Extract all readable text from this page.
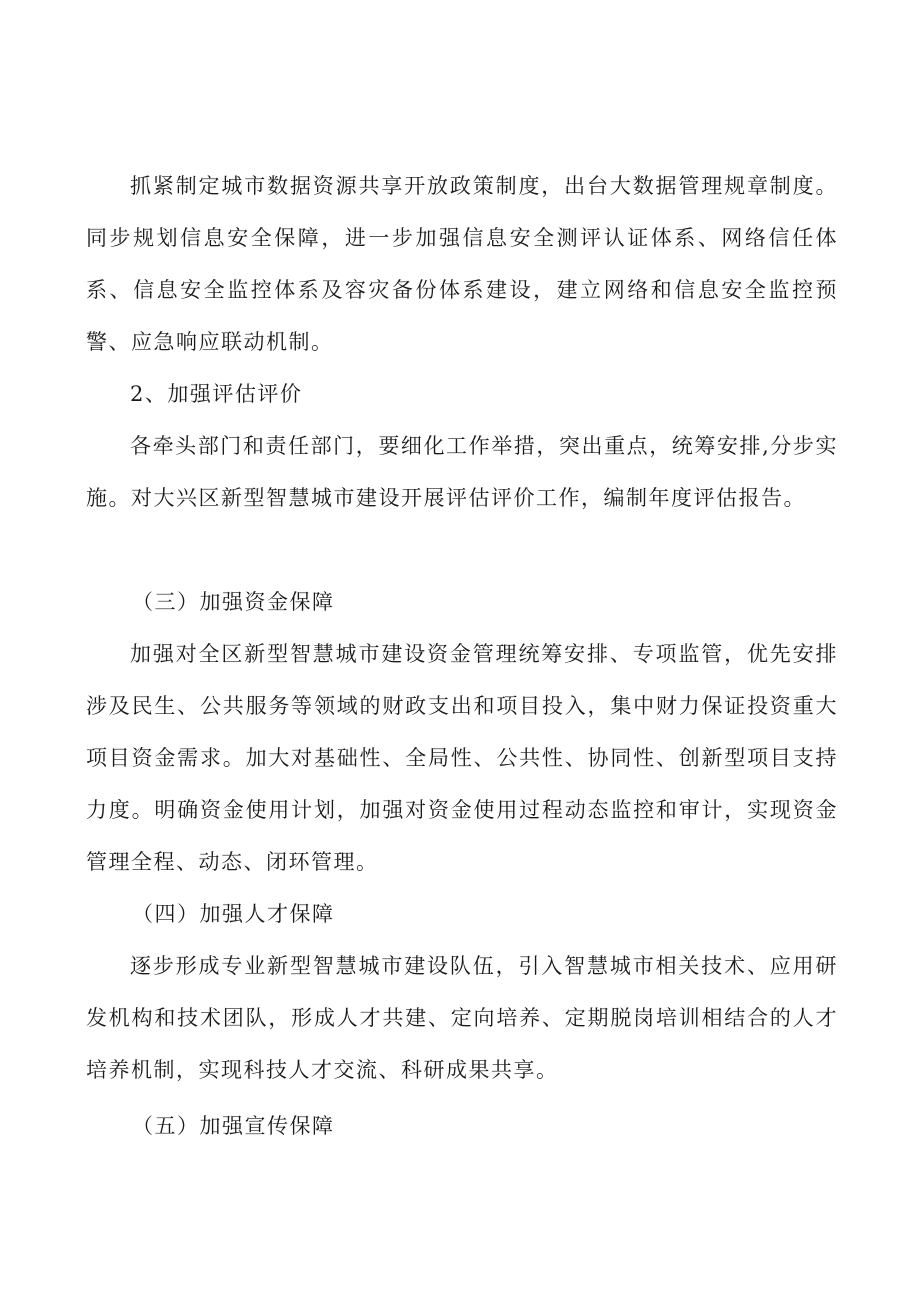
抓紧制定城市数据资源共享开放政策制度，出台大数据管理规章制度。同步规划信息安全保障，进一步加强信息安全测评认证体系、网络信任体系、信息安全监控体系及容灾备份体系建设，建立网络和信息安全监控预警、应急响应联动机制。

2、加强评估评价

各牵头部门和责任部门，要细化工作举措，突出重点，统筹安排,分步实施。对大兴区新型智慧城市建设开展评估评价工作，编制年度评估报告。

（三）加强资金保障

加强对全区新型智慧城市建设资金管理统筹安排、专项监管，优先安排涉及民生、公共服务等领域的财政支出和项目投入，集中财力保证投资重大项目资金需求。加大对基础性、全局性、公共性、协同性、创新型项目支持力度。明确资金使用计划，加强对资金使用过程动态监控和审计，实现资金管理全程、动态、闭环管理。

（四）加强人才保障

逐步形成专业新型智慧城市建设队伍，引入智慧城市相关技术、应用研发机构和技术团队，形成人才共建、定向培养、定期脱岗培训相结合的人才培养机制，实现科技人才交流、科研成果共享。

（五）加强宣传保障
